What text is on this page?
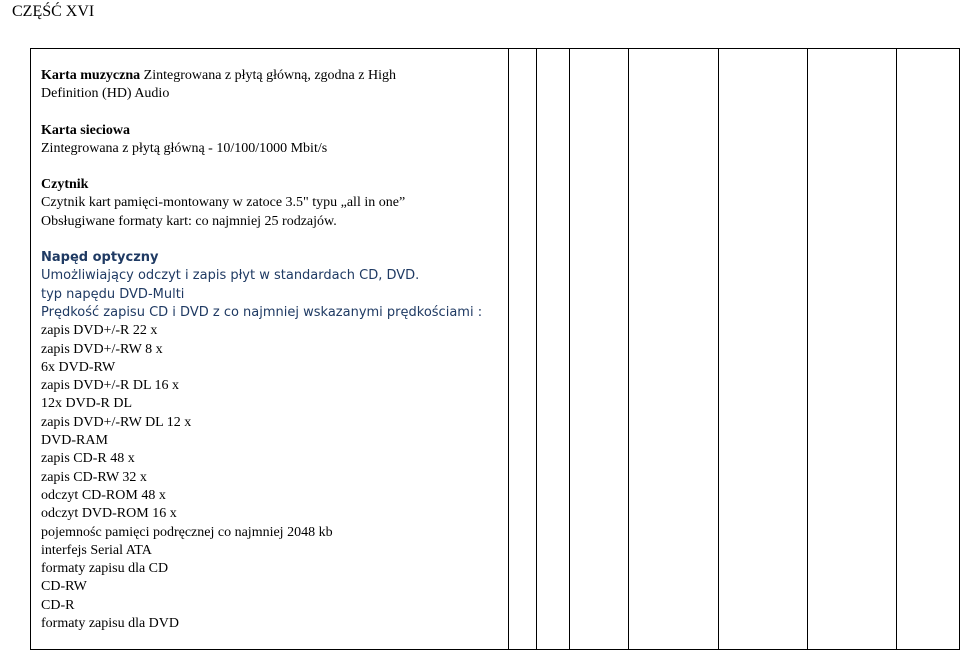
CZĘŚĆ XVI
Karta muzyczna Zintegrowana z płytą główną, zgodna z High
Definition (HD) Audio
Karta sieciowa
Zintegrowana z płytą główną - 10/100/1000 Mbit/s
Czytnik
Czytnik kart pamięci-montowany w zatoce 3.5" typu „all in one”
Obsługiwane formaty kart: co najmniej 25 rodzajów.
Napęd optyczny
Umożliwiający odczyt i zapis płyt w standardach CD, DVD.
typ napędu DVD-Multi
Prędkość zapisu CD i DVD z co najmniej wskazanymi prędkościami :
zapis DVD+/-R 22 x
zapis DVD+/-RW 8 x
6x DVD-RW
zapis DVD+/-R DL 16 x
12x DVD-R DL
zapis DVD+/-RW DL 12 x
DVD-RAM
zapis CD-R 48 x
zapis CD-RW 32 x
odczyt CD-ROM 48 x
odczyt DVD-ROM 16 x
pojemnośc pamięci podręcznej co najmniej 2048 kb
interfejs Serial ATA
formaty zapisu dla CD
CD-RW
CD-R
formaty zapisu dla DVD
